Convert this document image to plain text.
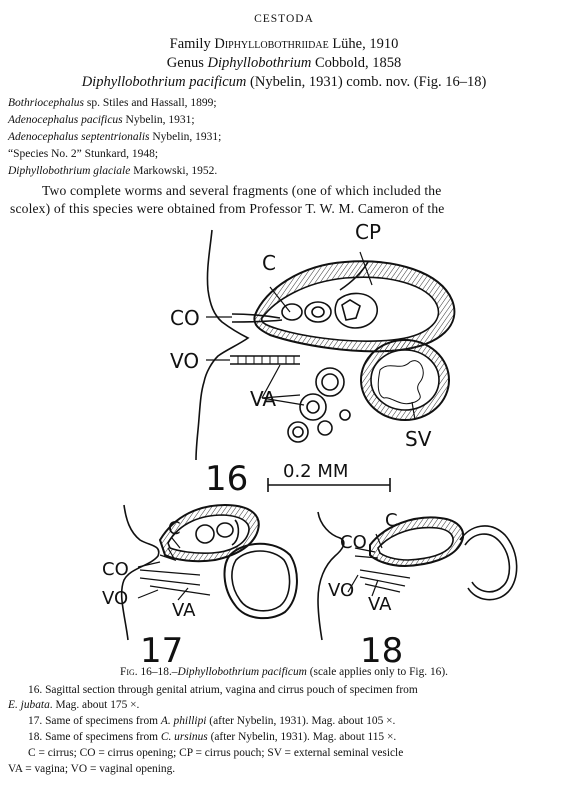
CESTODA
Family Diphyllobothriidae Lühe, 1910
Genus Diphyllobothrium Cobbold, 1858
Diphyllobothrium pacificum (Nybelin, 1931) comb. nov. (Fig. 16–18)
Bothriocephalus sp. Stiles and Hassall, 1899;
Adenocephalus pacificus Nybelin, 1931;
Adenocephalus septentrionalis Nybelin, 1931;
“Species No. 2” Stunkard, 1948;
Diphyllobothrium glaciale Markowski, 1952.
Two complete worms and several fragments (one of which included the
scolex) of this species were obtained from Professor T. W. M. Cameron of the
CP
C
CO
VO
VA
SV
0.2 MM
16
C
CO
VO
VA
17
C
CO
VO
VA
18
Fig. 16–18.–Diphyllobothrium pacificum (scale applies only to Fig. 16).
16. Sagittal section through genital atrium, vagina and cirrus pouch of specimen from
E. jubata. Mag. about 175 ×.
17. Same of specimens from A. phillipi (after Nybelin, 1931). Mag. about 105 ×.
18. Same of specimens from C. ursinus (after Nybelin, 1931). Mag. about 115 ×.
C = cirrus; CO = cirrus opening; CP = cirrus pouch; SV = external seminal vesicle
VA = vagina; VO = vaginal opening.
